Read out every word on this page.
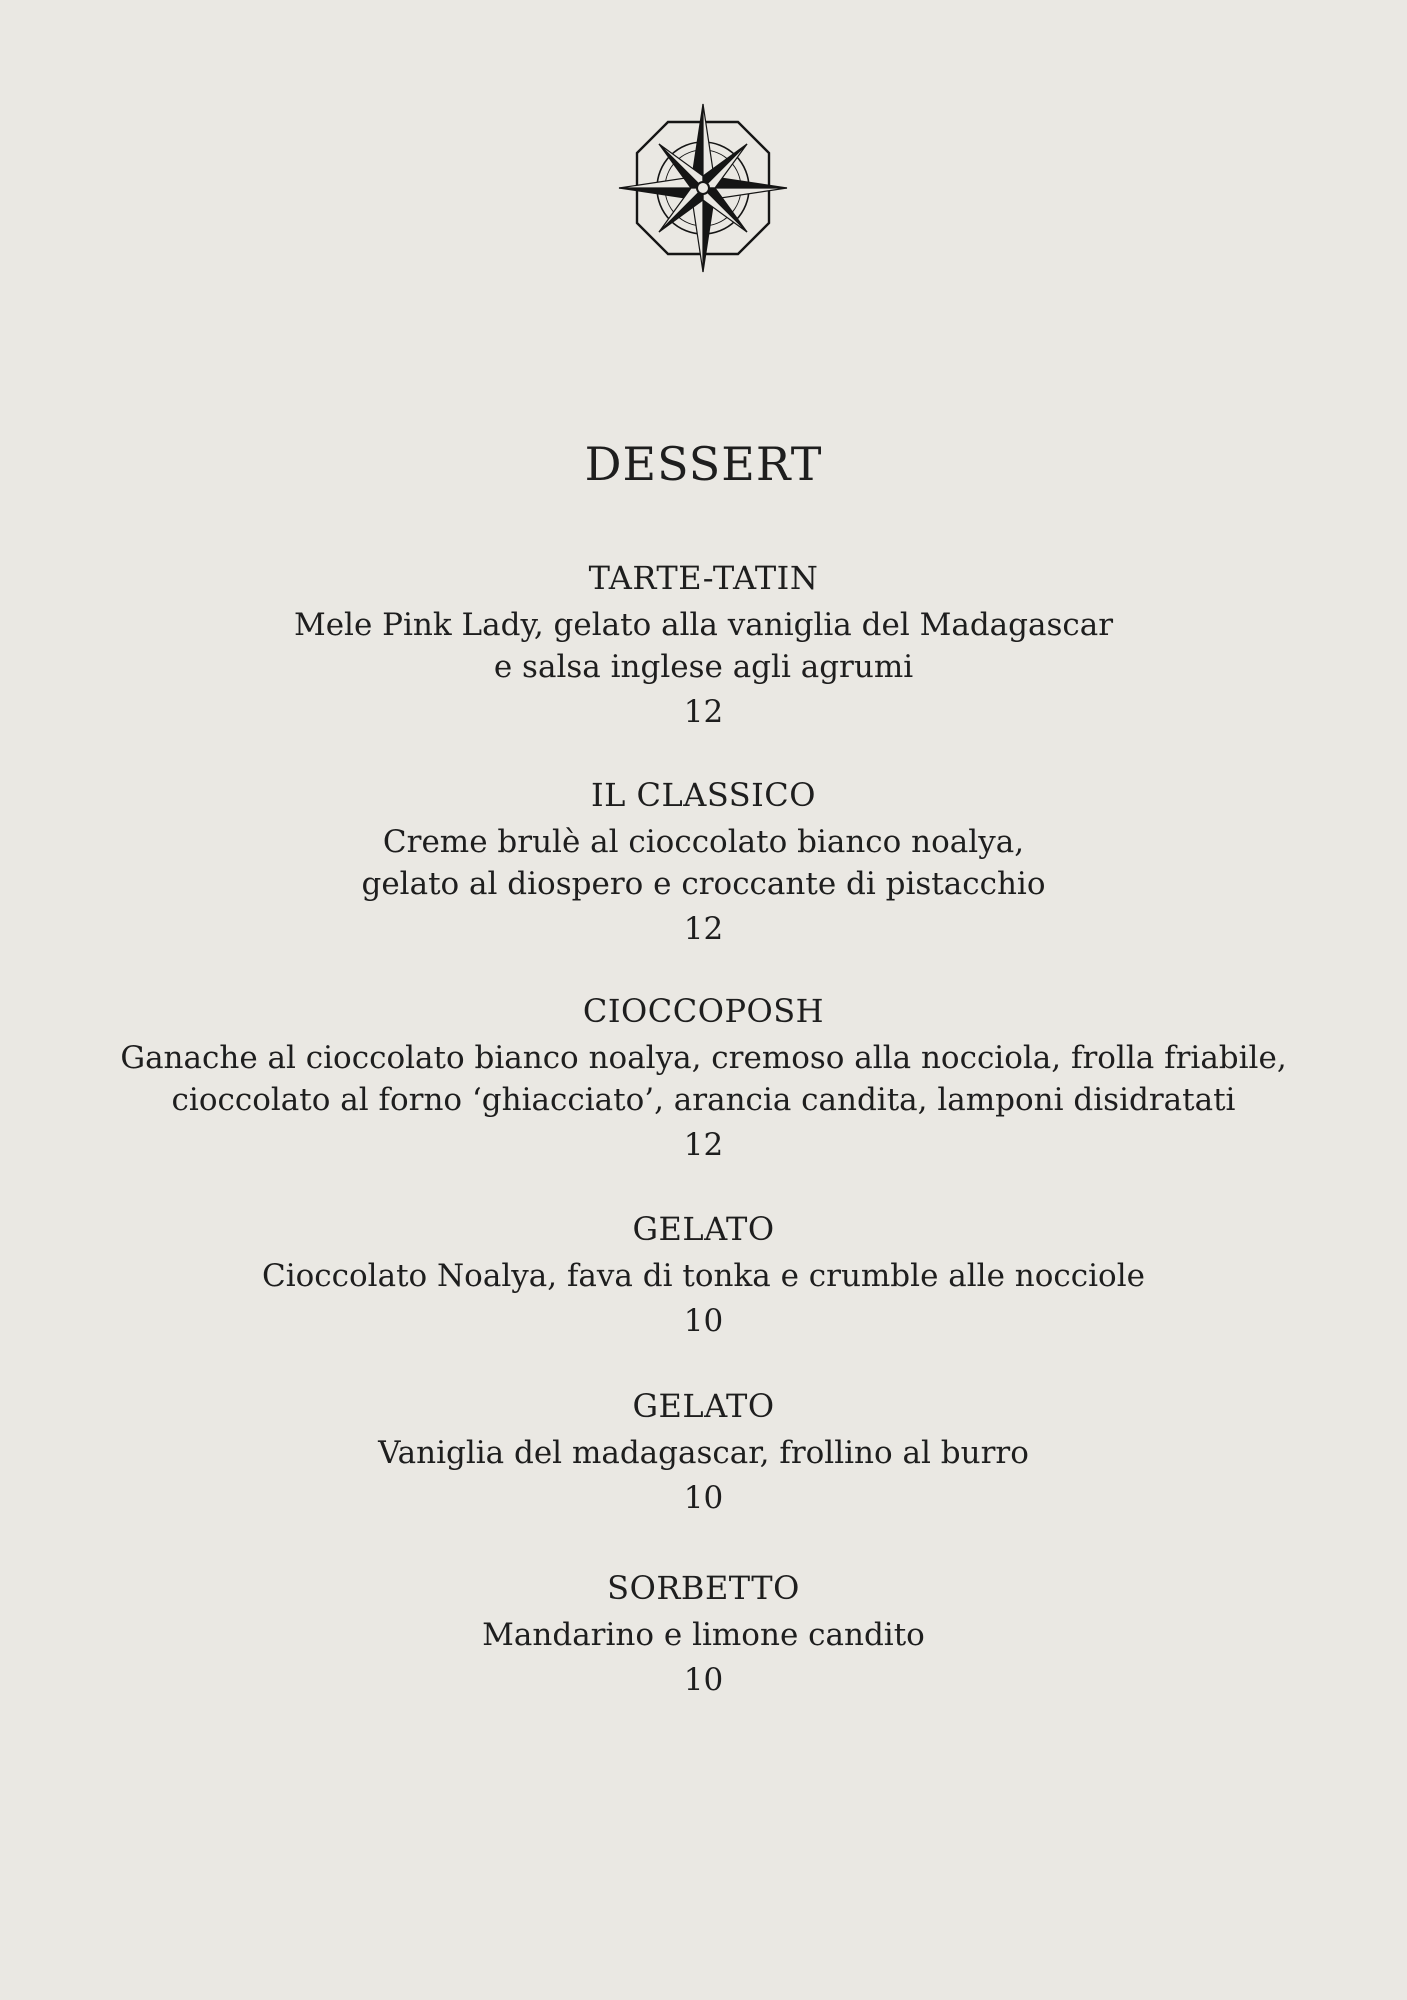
DESSERT
TARTE-TATIN
Mele Pink Lady, gelato alla vaniglia del Madagascar
e salsa inglese agli agrumi
12
IL CLASSICO
Creme brulè al cioccolato bianco noalya,
gelato al diospero e croccante di pistacchio
12
CIOCCOPOSH
Ganache al cioccolato bianco noalya, cremoso alla nocciola, frolla friabile,
cioccolato al forno ‘ghiacciato’, arancia candita, lamponi disidratati
12
GELATO
Cioccolato Noalya, fava di tonka e crumble alle nocciole
10
GELATO
Vaniglia del madagascar, frollino al burro
10
SORBETTO
Mandarino e limone candito
10
